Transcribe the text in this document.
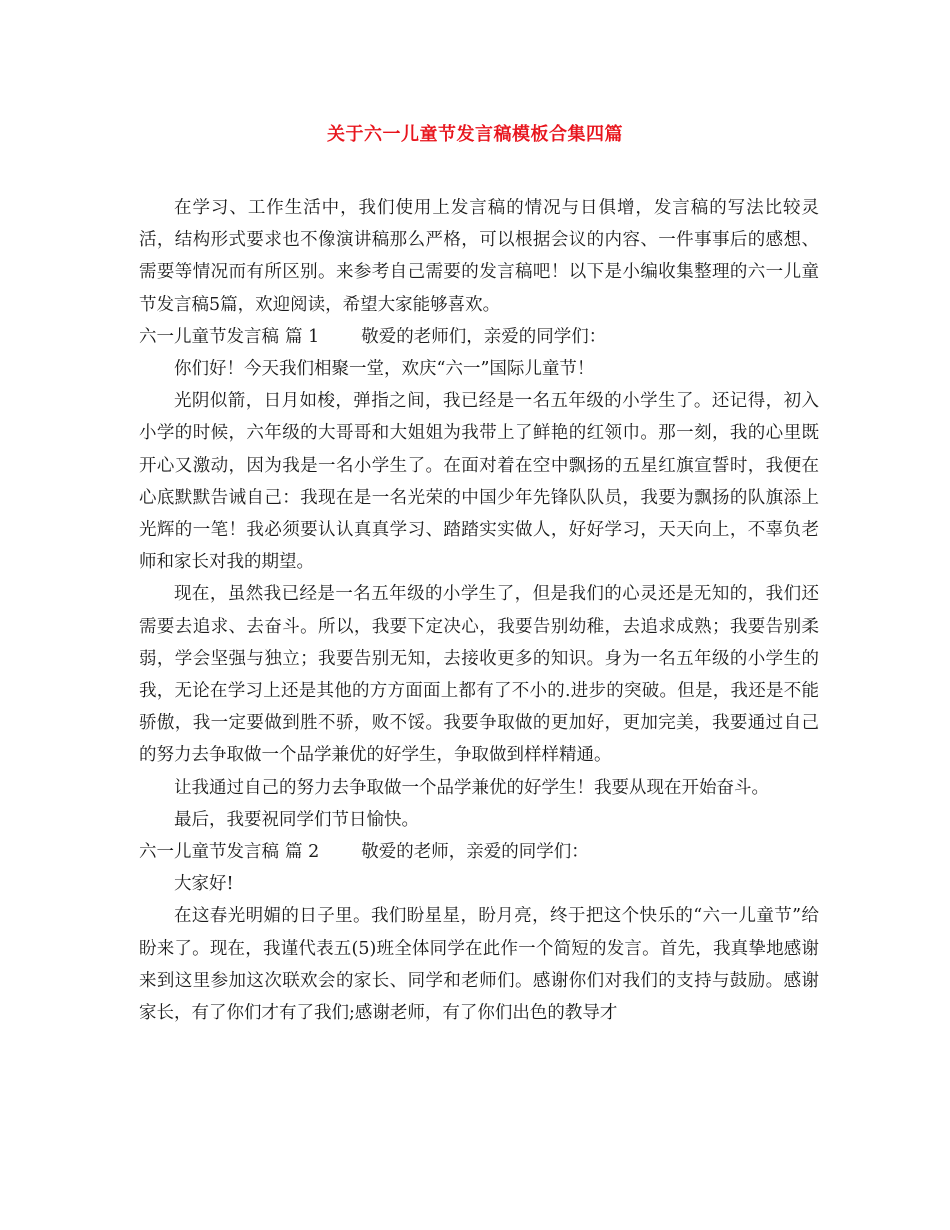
关于六一儿童节发言稿模板合集四篇

在学习、工作生活中，我们使用上发言稿的情况与日俱增，发言稿的写法比较灵活，结构形式要求也不像演讲稿那么严格，可以根据会议的内容、一件事事后的感想、需要等情况而有所区别。来参考自己需要的发言稿吧！以下是小编收集整理的六一儿童节发言稿5篇，欢迎阅读，希望大家能够喜欢。

六一儿童节发言稿 篇 1 敬爱的老师们，亲爱的同学们：

你们好！今天我们相聚一堂，欢庆“六一”国际儿童节！

光阴似箭，日月如梭，弹指之间，我已经是一名五年级的小学生了。还记得，初入小学的时候，六年级的大哥哥和大姐姐为我带上了鲜艳的红领巾。那一刻，我的心里既开心又激动，因为我是一名小学生了。在面对着在空中飘扬的五星红旗宣誓时，我便在心底默默告诫自己：我现在是一名光荣的中国少年先锋队队员，我要为飘扬的队旗添上光辉的一笔！我必须要认认真真学习、踏踏实实做人，好好学习，天天向上，不辜负老师和家长对我的期望。

现在，虽然我已经是一名五年级的小学生了，但是我们的心灵还是无知的，我们还需要去追求、去奋斗。所以，我要下定决心，我要告别幼稚，去追求成熟；我要告别柔弱，学会坚强与独立；我要告别无知，去接收更多的知识。身为一名五年级的小学生的我，无论在学习上还是其他的方方面面上都有了不小的.进步的突破。但是，我还是不能骄傲，我一定要做到胜不骄，败不馁。我要争取做的更加好，更加完美，我要通过自己的努力去争取做一个品学兼优的好学生，争取做到样样精通。

让我通过自己的努力去争取做一个品学兼优的好学生！我要从现在开始奋斗。

最后，我要祝同学们节日愉快。

六一儿童节发言稿 篇 2 敬爱的老师，亲爱的同学们：

大家好!

在这春光明媚的日子里。我们盼星星，盼月亮，终于把这个快乐的“六一儿童节”给盼来了。现在，我谨代表五(5)班全体同学在此作一个简短的发言。首先，我真挚地感谢来到这里参加这次联欢会的家长、同学和老师们。感谢你们对我们的支持与鼓励。感谢家长，有了你们才有了我们;感谢老师，有了你们出色的教导才
